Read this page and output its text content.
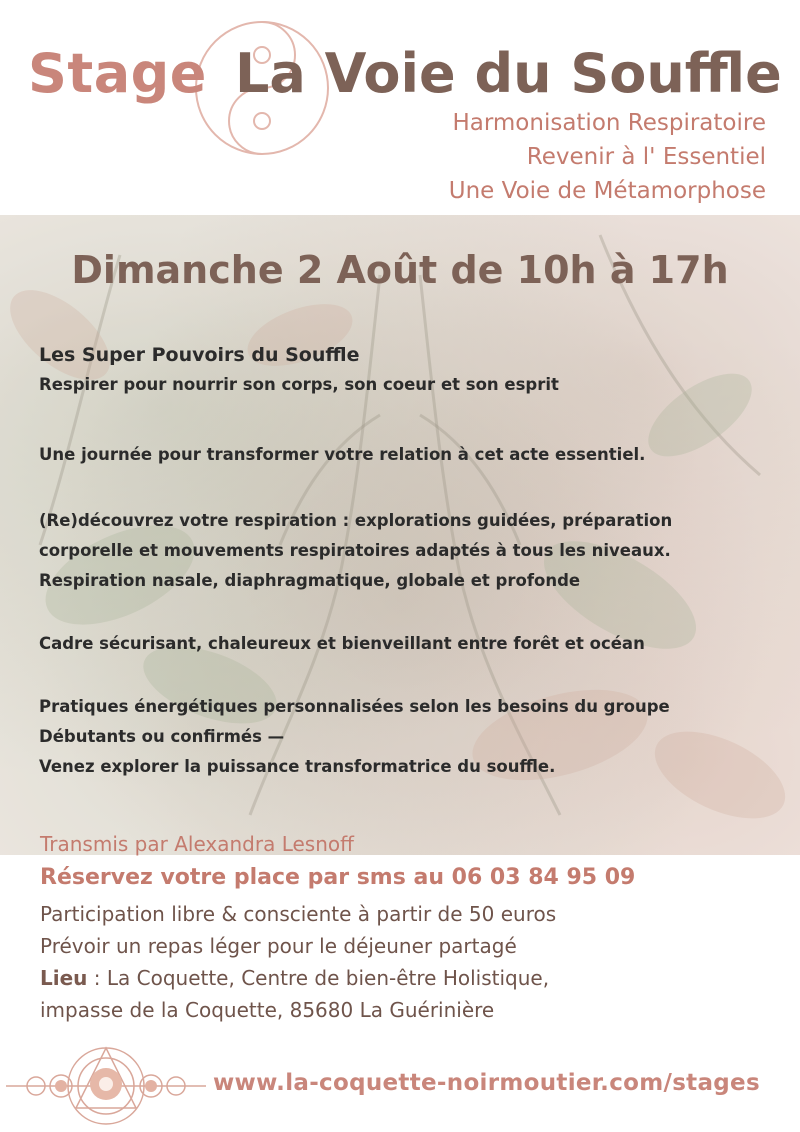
Stage La Voie du Souffle
Harmonisation Respiratoire
Revenir à l' Essentiel
Une Voie de Métamorphose
Dimanche 2 Août de 10h à 17h
Les Super Pouvoirs du Souffle
Respirer pour nourrir son corps, son coeur et son esprit
Une journée pour transformer votre relation à cet acte essentiel.
(Re)découvrez votre respiration : explorations guidées, préparation
corporelle et mouvements respiratoires adaptés à tous les niveaux.
Respiration nasale, diaphragmatique, globale et profonde
Cadre sécurisant, chaleureux et bienveillant entre forêt et océan
Pratiques énergétiques personnalisées selon les besoins du groupe
Débutants ou confirmés —
Venez explorer la puissance transformatrice du souffle.
Transmis par Alexandra Lesnoff
Réservez votre place par sms au 06 03 84 95 09
Participation libre & consciente à partir de 50 euros
Prévoir un repas léger pour le déjeuner partagé
Lieu : La Coquette, Centre de bien-être Holistique,
impasse de la Coquette, 85680 La Guérinière
www.la-coquette-noirmoutier.com/stages
